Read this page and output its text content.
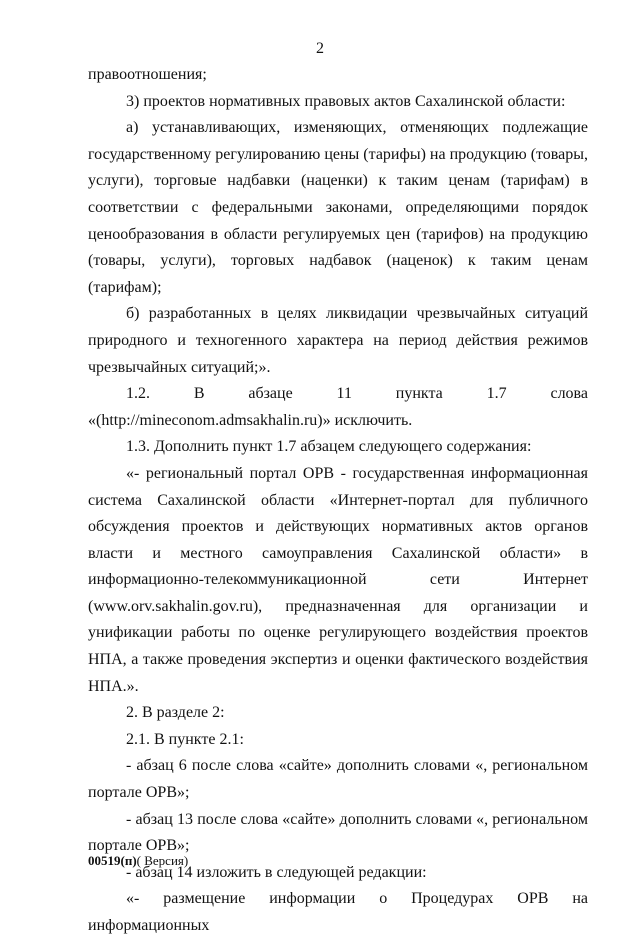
2

правоотношения;

3) проектов нормативных правовых актов Сахалинской области:

а) устанавливающих, изменяющих, отменяющих подлежащие государственному регулированию цены (тарифы) на продукцию (товары, услуги), торговые надбавки (наценки) к таким ценам (тарифам) в соответствии с федеральными законами, определяющими порядок ценообразования в области регулируемых цен (тарифов) на продукцию (товары, услуги), торговых надбавок (наценок) к таким ценам (тарифам);

б) разработанных в целях ликвидации чрезвычайных ситуаций природного и техногенного характера на период действия режимов чрезвычайных ситуаций;».

1.2. В абзаце 11 пункта 1.7 слова «(http://mineconom.admsakhalin.ru)» исключить.

1.3. Дополнить пункт 1.7 абзацем следующего содержания:

«- региональный портал ОРВ - государственная информационная система Сахалинской области «Интернет-портал для публичного обсуждения проектов и действующих нормативных актов органов власти и местного самоуправления Сахалинской области» в информационно-телекоммуникационной сети Интернет (www.orv.sakhalin.gov.ru), предназначенная для организации и унификации работы по оценке регулирующего воздействия проектов НПА, а также проведения экспертиз и оценки фактического воздействия НПА.».

2. В разделе 2:

2.1. В пункте 2.1:

- абзац 6 после слова «сайте» дополнить словами «, региональном портале ОРВ»;

- абзац 13 после слова «сайте» дополнить словами «, региональном портале ОРВ»;

- абзац 14 изложить в следующей редакции:

«- размещение информации о Процедурах ОРВ на информационных

00519(п)( Версия)
